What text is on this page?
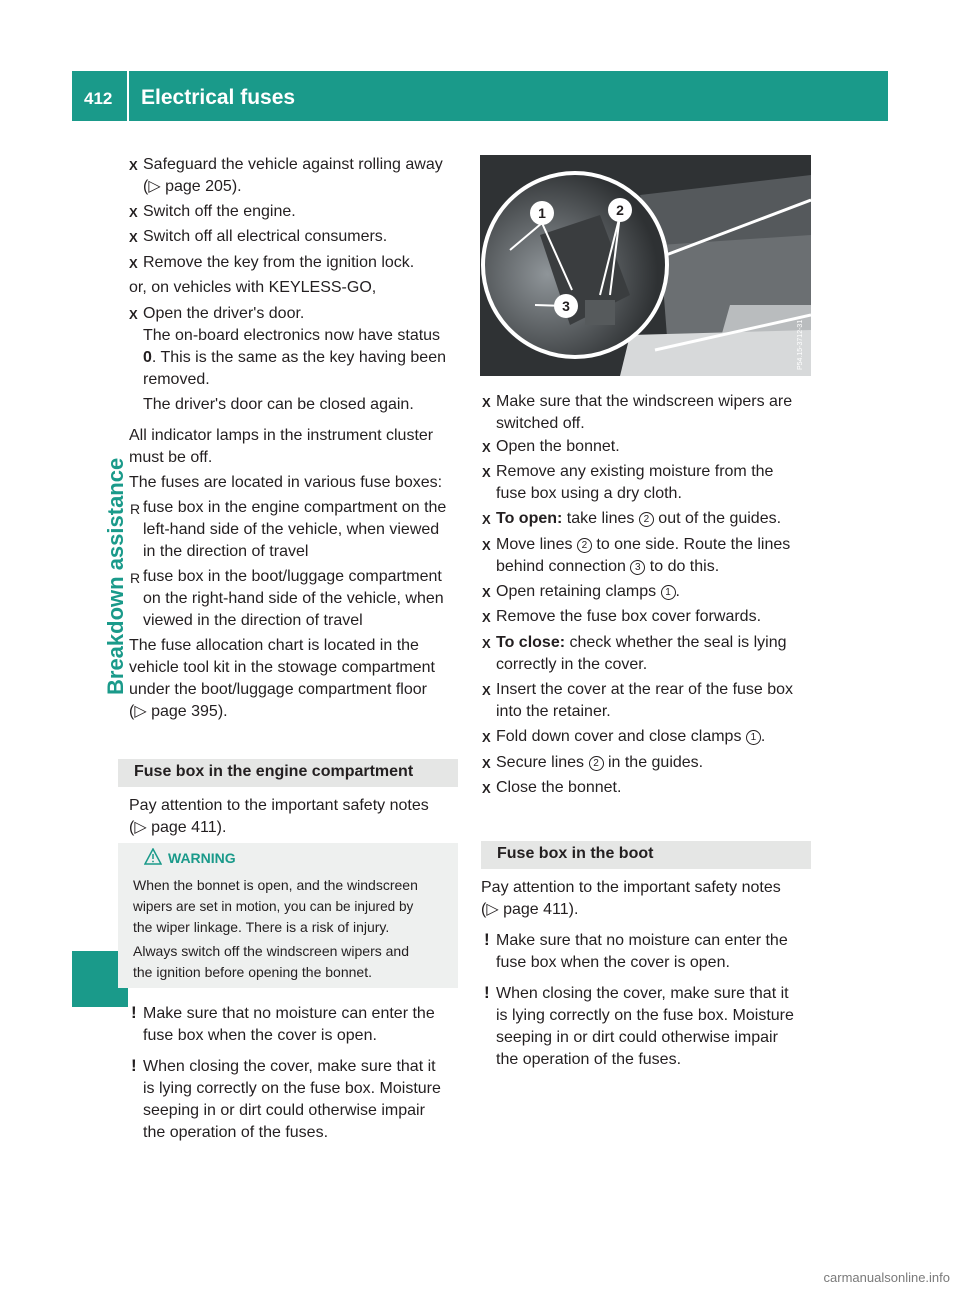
412 Electrical fuses
Breakdown assistance
X Safeguard the vehicle against rolling away
(▷ page 205).
X Switch off the engine.
X Switch off all electrical consumers.
X Remove the key from the ignition lock.
or, on vehicles with KEYLESS-GO,
X Open the driver's door.
The on-board electronics now have status
0. This is the same as the key having been
removed.
The driver's door can be closed again.
All indicator lamps in the instrument cluster
must be off.
The fuses are located in various fuse boxes:
R fuse box in the engine compartment on the
left-hand side of the vehicle, when viewed
in the direction of travel
R fuse box in the boot/luggage compartment
on the right-hand side of the vehicle, when
viewed in the direction of travel
The fuse allocation chart is located in the
vehicle tool kit in the stowage compartment
under the boot/luggage compartment floor
(▷ page 395).
Fuse box in the engine compartment
Pay attention to the important safety notes
(▷ page 411).
WARNING
When the bonnet is open, and the windscreen
wipers are set in motion, you can be injured by
the wiper linkage. There is a risk of injury.
Always switch off the windscreen wipers and
the ignition before opening the bonnet.
! Make sure that no moisture can enter the
fuse box when the cover is open.
! When closing the cover, make sure that it
is lying correctly on the fuse box. Moisture
seeping in or dirt could otherwise impair
the operation of the fuses.
1	2
3
P54.15-3712-31
X Make sure that the windscreen wipers are
switched off.
X Open the bonnet.
X Remove any existing moisture from the
fuse box using a dry cloth.
X To open: take lines 2 out of the guides.
X Move lines 2 to one side. Route the lines
behind connection 3 to do this.
X Open retaining clamps 1 .
X Remove the fuse box cover forwards.
X To close: check whether the seal is lying
correctly in the cover.
X Insert the cover at the rear of the fuse box
into the retainer.
X Fold down cover and close clamps 1 .
X Secure lines 2 in the guides.
X Close the bonnet.
Fuse box in the boot
Pay attention to the important safety notes
(▷ page 411).
! Make sure that no moisture can enter the
fuse box when the cover is open.
! When closing the cover, make sure that it
is lying correctly on the fuse box. Moisture
seeping in or dirt could otherwise impair
the operation of the fuses.
carmanualsonline.info
